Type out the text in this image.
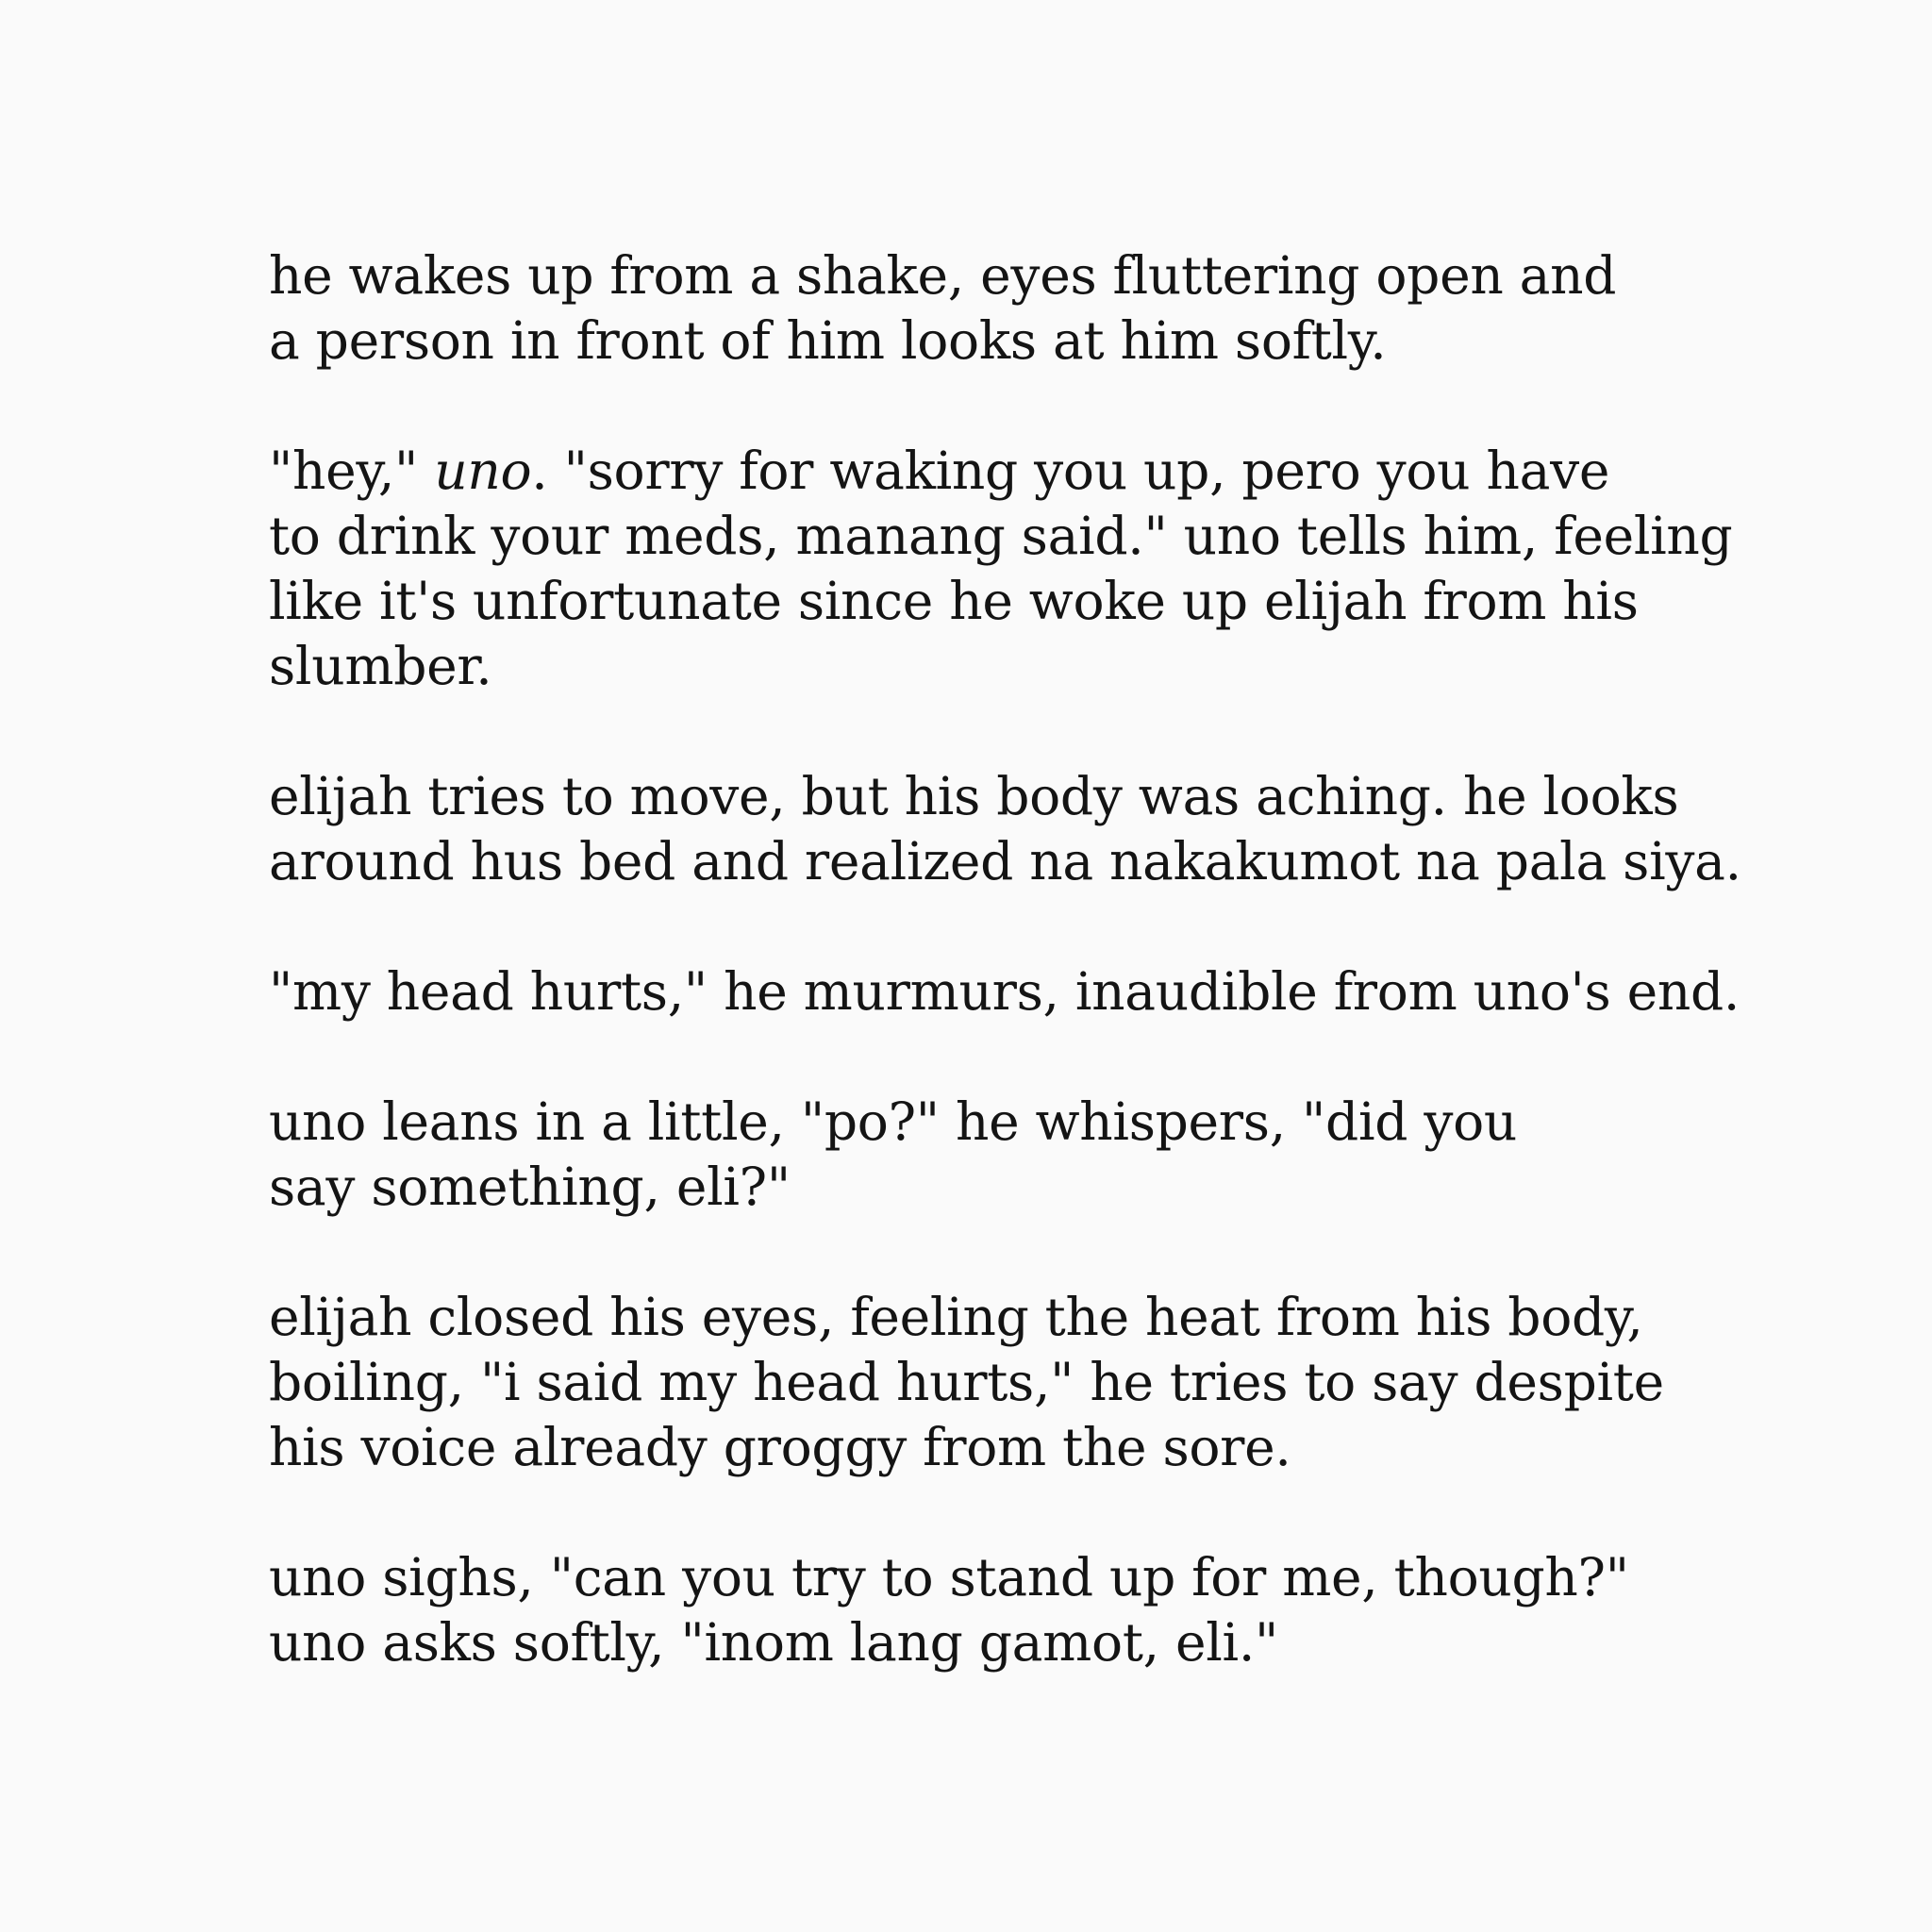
he wakes up from a shake, eyes fluttering open and
a person in front of him looks at him softly.

"hey," uno. "sorry for waking you up, pero you have
to drink your meds, manang said." uno tells him, feeling
like it's unfortunate since he woke up elijah from his
slumber.

elijah tries to move, but his body was aching. he looks
around hus bed and realized na nakakumot na pala siya.

"my head hurts," he murmurs, inaudible from uno's end.

uno leans in a little, "po?" he whispers, "did you
say something, eli?"

elijah closed his eyes, feeling the heat from his body,
boiling, "i said my head hurts," he tries to say despite
his voice already groggy from the sore.

uno sighs, "can you try to stand up for me, though?"
uno asks softly, "inom lang gamot, eli."
